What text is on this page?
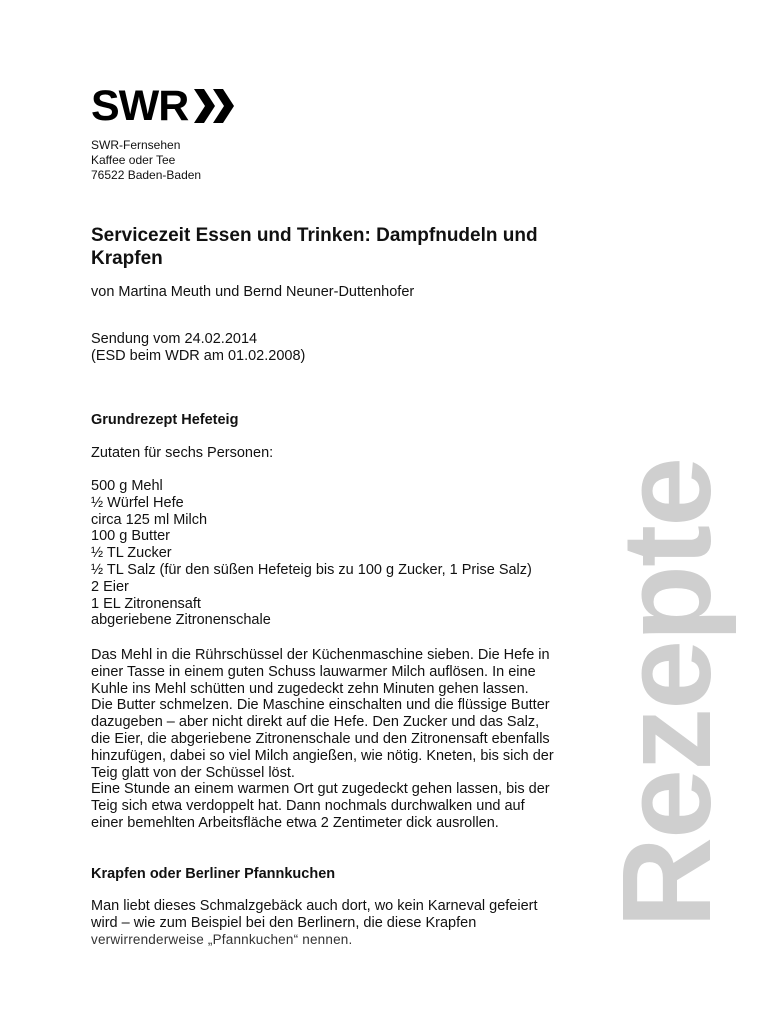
SWR
SWR-Fernsehen
Kaffee oder Tee
76522 Baden-Baden
Servicezeit Essen und Trinken: Dampfnudeln und Krapfen

von Martina Meuth und Bernd Neuner-Duttenhofer

Sendung vom 24.02.2014
(ESD beim WDR am 01.02.2008)
Grundrezept Hefeteig
Zutaten für sechs Personen:
500 g Mehl
½ Würfel Hefe
circa 125 ml Milch
100 g Butter
½ TL Zucker
½ TL Salz (für den süßen Hefeteig bis zu 100 g Zucker, 1 Prise Salz)
2 Eier
1 EL Zitronensaft
abgeriebene Zitronenschale
Das Mehl in die Rührschüssel der Küchenmaschine sieben. Die Hefe in
einer Tasse in einem guten Schuss lauwarmer Milch auflösen. In eine
Kuhle ins Mehl schütten und zugedeckt zehn Minuten gehen lassen.
Die Butter schmelzen. Die Maschine einschalten und die flüssige Butter
dazugeben – aber nicht direkt auf die Hefe. Den Zucker und das Salz,
die Eier, die abgeriebene Zitronenschale und den Zitronensaft ebenfalls
hinzufügen, dabei so viel Milch angießen, wie nötig. Kneten, bis sich der
Teig glatt von der Schüssel löst.
Eine Stunde an einem warmen Ort gut zugedeckt gehen lassen, bis der
Teig sich etwa verdoppelt hat. Dann nochmals durchwalken und auf
einer bemehlten Arbeitsfläche etwa 2 Zentimeter dick ausrollen.
Krapfen oder Berliner Pfannkuchen
Man liebt dieses Schmalzgebäck auch dort, wo kein Karneval gefeiert
wird – wie zum Beispiel bei den Berlinern, die diese Krapfen
verwirrenderweise „Pfannkuchen“ nennen.
Rezepte
